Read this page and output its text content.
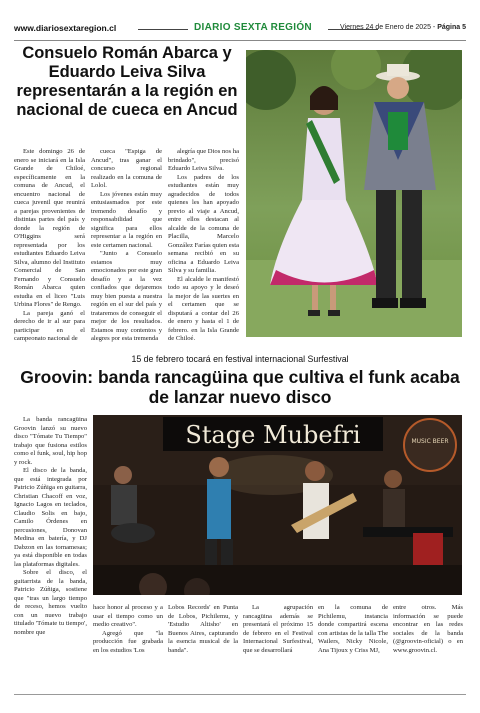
www.diariosextaregion.cl	DIARIO SEXTA REGIÓN	Viernes 24 de Enero de 2025 - Página 5
Consuelo Román Abarca y Eduardo Leiva Silva representarán a la región en nacional de cueca en Ancud

Este domingo 26 de enero se iniciará en la Isla Grande de Chiloé, específicamente en la comuna de Ancud, el encuentro nacional de cueca juvenil que reunirá a parejas provenientes de distintas partes del país y donde la región de O'Higgins será representada por los estudiantes Eduardo Leiva Silva, alumno del Instituto Comercial de San Fernando y Consuelo Román Abarca quien estudia en el liceo "Luis Urbina Flores" de Rengo.

La pareja ganó el derecho de ir al sur para participar en el campeonato nacional de

cueca "Espiga de Ancud", tras ganar el concurso regional realizado en la comuna de Lolol.

Los jóvenes están muy entusiasmados por este tremendo desafío y responsabilidad que significa para ellos representar a la región en este certamen nacional.

"Junto a Consuelo estamos muy emocionados por este gran desafío y a la vez confiados que dejaremos muy bien puesta a nuestra región en el sur del país y trataremos de conseguir el mejor de los resultados. Estamos muy contentos y alegres por esta tremenda

alegría que Dios nos ha brindado", precisó Eduardo Leiva Silva.

Los padres de los estudiantes están muy agradecidos de todos quienes les han apoyado previo al viaje a Ancud, entre ellos destacan al alcalde de la comuna de Placilla, Marcelo González Farías quien esta semana recibió en su oficina a Eduardo Leiva Silva y su familia.

El alcalde le manifestó todo su apoyo y le deseó la mejor de las suertes en el certamen que se disputará a contar del 26 de enero y hasta el 1 de febrero. en la Isla Grande de Chiloé.

15 de febrero tocará en festival internacional Surfestival
Groovin: banda rancagüina que cultiva el funk acaba de lanzar nuevo disco

La banda rancagüina Groovin lanzó su nuevo disco "Tómate Tu Tiempo" trabajo que fusiona estilos como el funk, soul, hip hop y rock.

El disco de la banda, que está integrada por Patricio Zúñiga en guitarra, Christian Chacoff en voz, Ignacio Lagos en teclados, Claudio Solis en bajo, Camilo Órdenes en percusiones, Donovan Medina en batería, y DJ Dabzon en las tornamesas; ya está disponible en todas las plataformas digitales.

Sobre el disco, el guitarrista de la banda, Patricio Zúñiga, sostiene que "tras un largo tiempo de receso, hemos vuelto con un nuevo trabajo titulado 'Tómate tu tiempo', nombre que

Stage Mubefri	MUSIC BEER

hace honor al proceso y a usar el tiempo como un medio creativo".

Agregó que "la producción fue grabada en los estudios 'Los

Lobos Records' en Punta de Lobos, Pichilemu, y 'Estudio Altisho' en Buenos Aires, capturando la esencia musical de la banda".

La agrupación rancagüina además se presentará el próximo 15 de febrero en el Festival Internacional Surfestival, que se desarrollará

en la comuna de Pichilemu, instancia donde compartirá escena con artistas de la talla The Wailers, Nicky Nicole, Ana Tijoux y Criss MJ,

entre otros. Más información se puede encontrar en las redes sociales de la banda (@groovin-oficial) o en www.groovin.cl.
